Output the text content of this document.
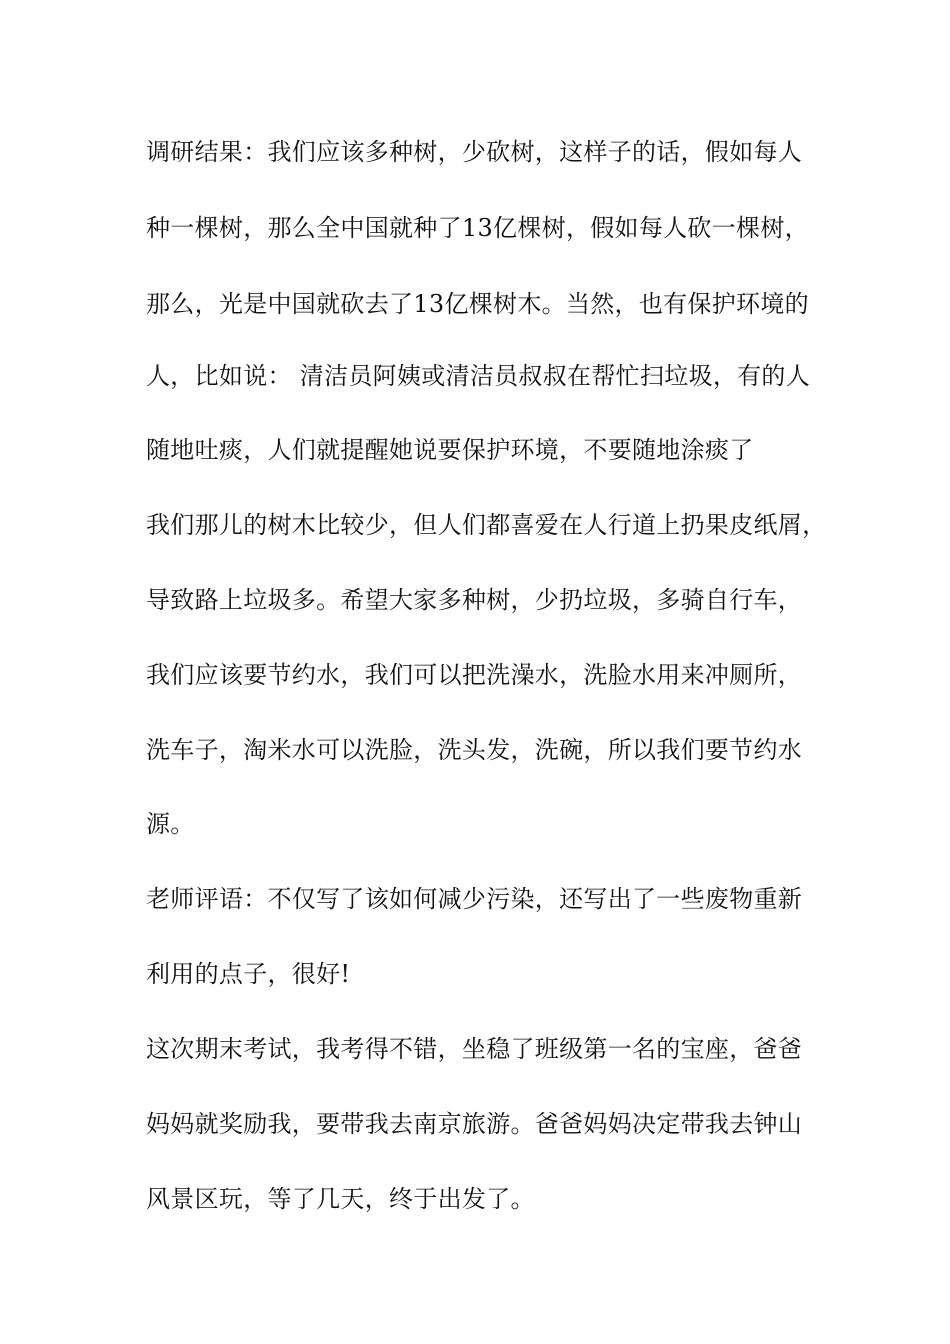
调研结果：我们应该多种树，少砍树，这样子的话，假如每人
种一棵树，那么全中国就种了13亿棵树，假如每人砍一棵树，
那么，光是中国就砍去了13亿棵树木。当然，也有保护环境的
人，比如说： 清洁员阿姨或清洁员叔叔在帮忙扫垃圾，有的人
随地吐痰，人们就提醒她说要保护环境，不要随地涂痰了
我们那儿的树木比较少，但人们都喜爱在人行道上扔果皮纸屑，
导致路上垃圾多。希望大家多种树，少扔垃圾，多骑自行车，
我们应该要节约水，我们可以把洗澡水，洗脸水用来冲厕所，
洗车子，淘米水可以洗脸，洗头发，洗碗，所以我们要节约水
源。
老师评语：不仅写了该如何减少污染，还写出了一些废物重新
利用的点子，很好!
这次期末考试，我考得不错，坐稳了班级第一名的宝座，爸爸
妈妈就奖励我，要带我去南京旅游。爸爸妈妈决定带我去钟山
风景区玩，等了几天，终于出发了。
